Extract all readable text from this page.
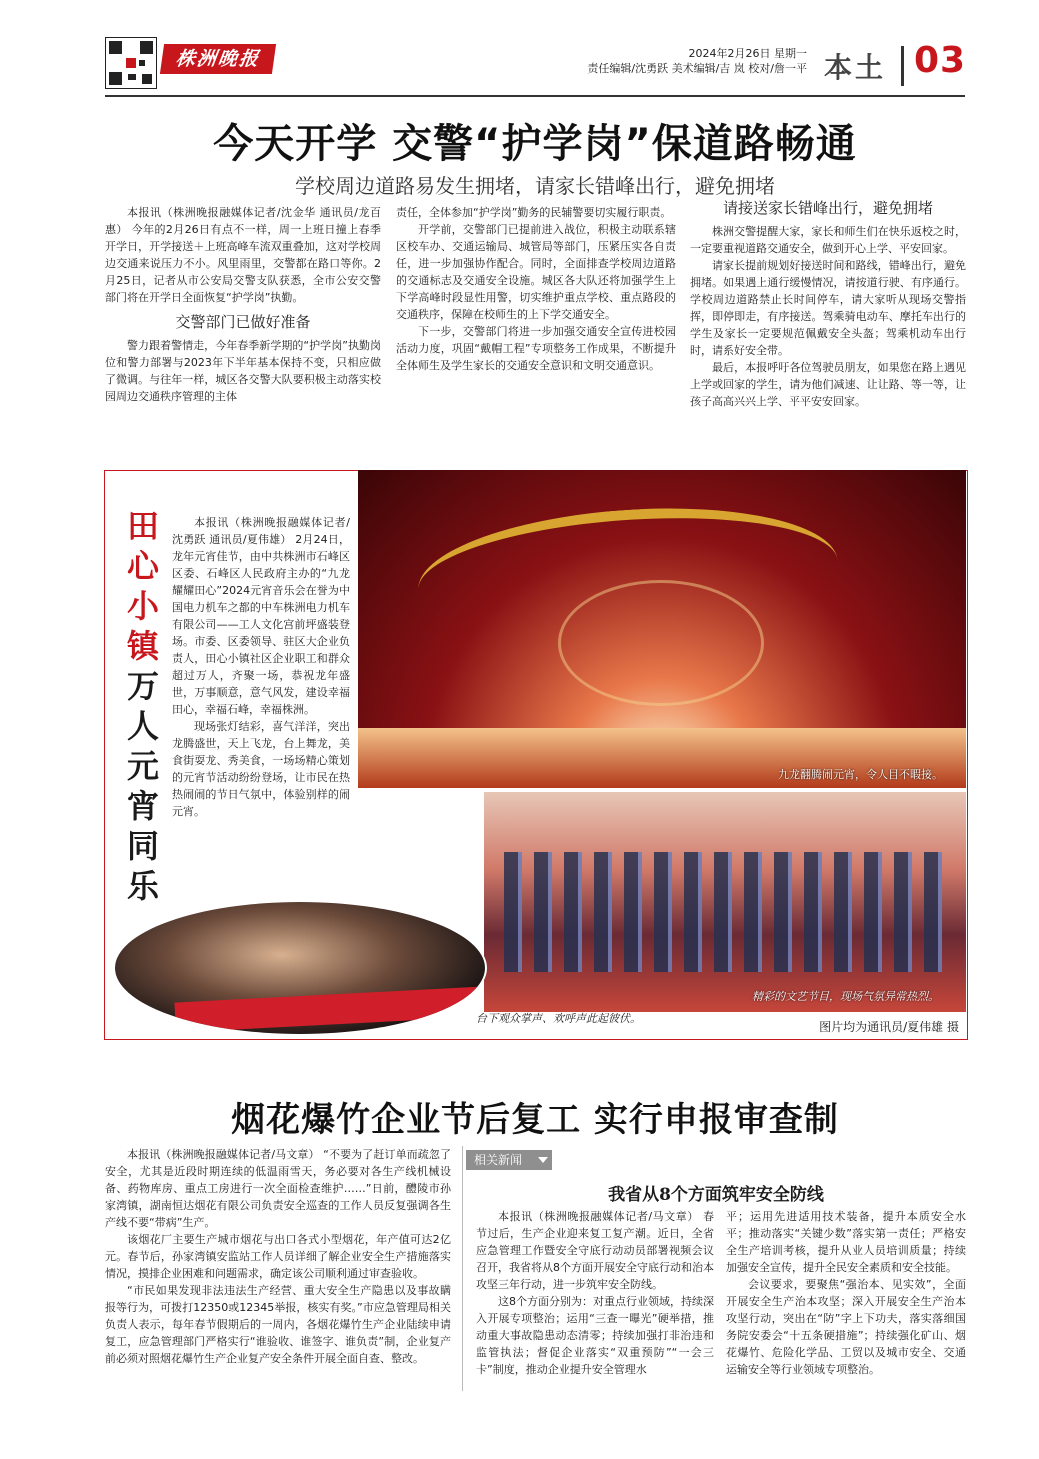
株洲晚报	2024年2月26日 星期一
责任编辑/沈勇跃 美术编辑/吉 岚 校对/詹一平 本土 03
今天开学 交警“护学岗”保道路畅通
学校周边道路易发生拥堵，请家长错峰出行，避免拥堵

本报讯（株洲晚报融媒体记者/沈金华 通讯员/龙百惠） 今年的2月26日有点不一样，周一上班日撞上春季开学日，开学接送＋上班高峰车流双重叠加，这对学校周边交通来说压力不小。风里雨里，交警都在路口等你。2月25日，记者从市公安局交警支队获悉，全市公安交警部门将在开学日全面恢复“护学岗”执勤。

交警部门已做好准备

警力跟着警情走，今年春季新学期的“护学岗”执勤岗位和警力部署与2023年下半年基本保持不变，只相应做了微调。与往年一样，城区各交警大队要积极主动落实校园周边交通秩序管理的主体

责任，全体参加“护学岗”勤务的民辅警要切实履行职责。

开学前，交警部门已提前进入战位，积极主动联系辖区校车办、交通运输局、城管局等部门，压紧压实各自责任，进一步加强协作配合。同时，全面排查学校周边道路的交通标志及交通安全设施。城区各大队还将加强学生上下学高峰时段显性用警，切实维护重点学校、重点路段的交通秩序，保障在校师生的上下学交通安全。

下一步，交警部门将进一步加强交通安全宣传进校园活动力度，巩固“戴帽工程”专项整务工作成果，不断提升全体师生及学生家长的交通安全意识和文明交通意识。

请接送家长错峰出行，避免拥堵

株洲交警提醒大家，家长和师生们在快乐返校之时，一定要重视道路交通安全，做到开心上学、平安回家。

请家长提前规划好接送时间和路线，错峰出行，避免拥堵。如果遇上通行缓慢情况，请按道行驶、有序通行。学校周边道路禁止长时间停车，请大家听从现场交警指挥，即停即走，有序接送。驾乘骑电动车、摩托车出行的学生及家长一定要规范佩戴安全头盔；驾乘机动车出行时，请系好安全带。

最后，本报呼吁各位驾驶员朋友，如果您在路上遇见上学或回家的学生，请为他们减速、让让路、等一等，让孩子高高兴兴上学、平平安安回家。

九龙翻腾闹元宵，令人目不暇接。
精彩的文艺节目，现场气氛异常热烈。
台下观众掌声、欢呼声此起彼伏。
图片均为通讯员/夏伟雄 摄
田心小镇万人元宵同乐

本报讯（株洲晚报融媒体记者/沈勇跃 通讯员/夏伟雄） 2月24日，龙年元宵佳节，由中共株洲市石峰区区委、石峰区人民政府主办的“九龙耀耀田心”2024元宵音乐会在誉为中国电力机车之都的中车株洲电力机车有限公司——工人文化宫前坪盛装登场。市委、区委领导、驻区大企业负责人，田心小镇社区企业职工和群众超过万人，齐聚一场，恭祝龙年盛世，万事顺意，意气风发，建设幸福田心，幸福石峰，幸福株洲。

现场张灯结彩，喜气洋洋，突出龙腾盛世，天上飞龙，台上舞龙，美食街耍龙、秀美食，一场场精心策划的元宵节活动纷纷登场，让市民在热热闹闹的节日气氛中，体验别样的闹元宵。

烟花爆竹企业节后复工 实行申报审查制

本报讯（株洲晚报融媒体记者/马文章） “不要为了赶订单而疏忽了安全，尤其是近段时期连续的低温雨雪天，务必要对各生产线机械设备、药物库房、重点工房进行一次全面检查维护……”日前，醴陵市孙家湾镇，湖南恒达烟花有限公司负责安全巡查的工作人员反复强调各生产线不要“带病”生产。

该烟花厂主要生产城市烟花与出口各式小型烟花，年产值可达2亿元。春节后，孙家湾镇安监站工作人员详细了解企业安全生产措施落实情况，摸排企业困难和问题需求，确定该公司顺利通过审查验收。

“市民如果发现非法违法生产经营、重大安全生产隐患以及事故瞒报等行为，可拨打12350或12345举报，核实有奖。”市应急管理局相关负责人表示，每年春节假期后的一周内，各烟花爆竹生产企业陆续申请复工，应急管理部门严格实行“谁验收、谁签字、谁负责”制，企业复产前必须对照烟花爆竹生产企业复产安全条件开展全面自查、整改。

相关新闻
我省从8个方面筑牢安全防线

本报讯（株洲晚报融媒体记者/马文章） 春节过后，生产企业迎来复工复产潮。近日，全省应急管理工作暨安全守底行动动员部署视频会议召开，我省将从8个方面开展安全守底行动和治本攻坚三年行动，进一步筑牢安全防线。

这8个方面分别为：对重点行业领域，持续深入开展专项整治；运用“三查一曝光”硬举措，推动重大事故隐患动态清零；持续加强打非治违和监管执法；督促企业落实“双重预防”“一会三卡”制度，推动企业提升安全管理水

平；运用先进适用技术装备，提升本质安全水平；推动落实“关键少数”落实第一责任；严格安全生产培训考核，提升从业人员培训质量；持续加强安全宣传，提升全民安全素质和安全技能。

会议要求，要聚焦“强治本、见实效”，全面开展安全生产治本攻坚；深入开展安全生产治本攻坚行动，突出在“防”字上下功夫，落实落细国务院安委会“十五条硬措施”；持续强化矿山、烟花爆竹、危险化学品、工贸以及城市安全、交通运输安全等行业领域专项整治。
